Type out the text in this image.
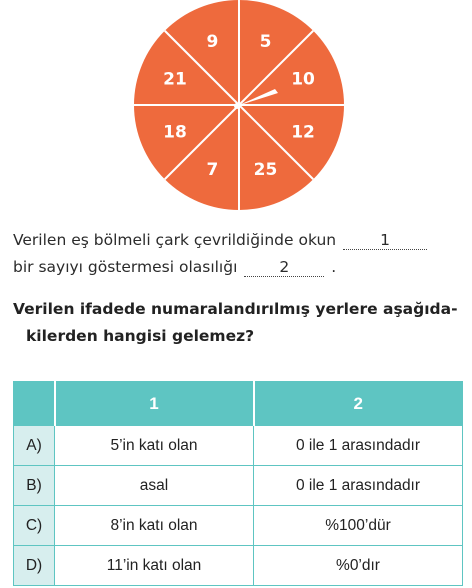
5
10
12
25
7
18
21
9
Verilen eş bölmeli çark çevrildiğinde okun	1
bir sayıyı göstermesi olasılığı	2	.
Verilen ifadede numaralandırılmış yerlere aşağıda-
kilerden hangisi gelemez?
	1	2
A)	5’in katı olan	0 ile 1 arasındadır
B)	asal	0 ile 1 arasındadır
C)	8’in katı olan	%100’dür
D)	11’in katı olan	%0’dır
